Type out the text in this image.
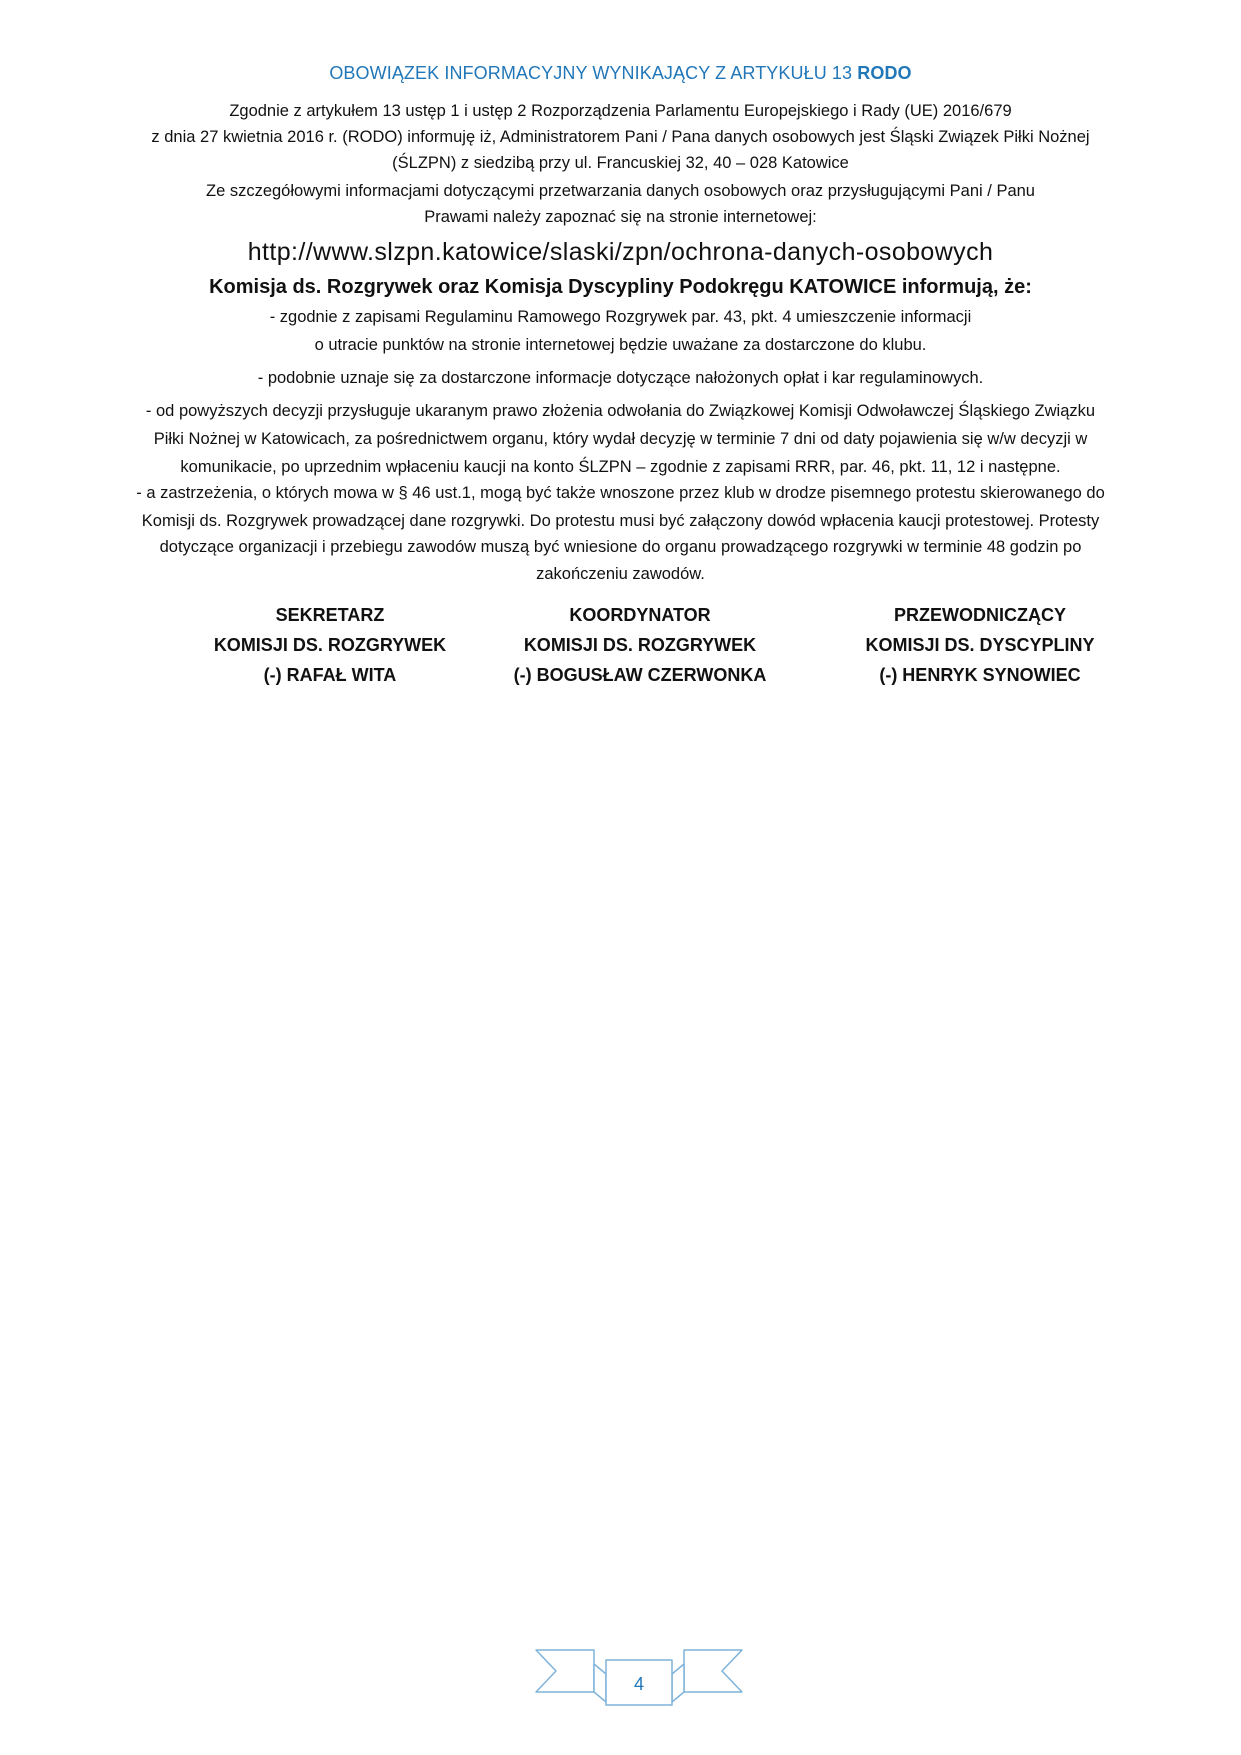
OBOWIĄZEK INFORMACYJNY WYNIKAJĄCY Z ARTYKUŁU 13 RODO
Zgodnie z artykułem 13 ustęp 1 i ustęp 2 Rozporządzenia Parlamentu Europejskiego i Rady (UE) 2016/679
z dnia 27 kwietnia 2016 r. (RODO) informuję iż, Administratorem Pani / Pana danych osobowych jest Śląski Związek Piłki Nożnej
(ŚLZPN) z siedzibą przy ul. Francuskiej 32, 40 – 028 Katowice
Ze szczegółowymi informacjami dotyczącymi przetwarzania danych osobowych oraz przysługującymi Pani / Panu
Prawami należy zapoznać się na stronie internetowej:
http://www.slzpn.katowice/slaski/zpn/ochrona-danych-osobowych
Komisja ds. Rozgrywek oraz Komisja Dyscypliny Podokręgu KATOWICE informują, że:
- zgodnie z zapisami Regulaminu Ramowego Rozgrywek par. 43, pkt. 4 umieszczenie informacji
o utracie punktów na stronie internetowej będzie uważane za dostarczone do klubu.
- podobnie uznaje się za dostarczone informacje dotyczące nałożonych opłat i kar regulaminowych.
- od powyższych decyzji przysługuje ukaranym prawo złożenia odwołania do Związkowej Komisji Odwoławczej Śląskiego Związku
Piłki Nożnej w Katowicach, za pośrednictwem organu, który wydał decyzję w terminie 7 dni od daty pojawienia się w/w decyzji w
komunikacie, po uprzednim wpłaceniu kaucji na konto ŚLZPN – zgodnie z zapisami RRR, par. 46, pkt. 11, 12 i następne.
- a zastrzeżenia, o których mowa w § 46 ust.1, mogą być także wnoszone przez klub w drodze pisemnego protestu skierowanego do
Komisji ds. Rozgrywek prowadzącej dane rozgrywki. Do protestu musi być załączony dowód wpłacenia kaucji protestowej. Protesty
dotyczące organizacji i przebiegu zawodów muszą być wniesione do organu prowadzącego rozgrywki w terminie 48 godzin po
zakończeniu zawodów.
SEKRETARZ
KOMISJI DS. ROZGRYWEK
(-) RAFAŁ WITA
KOORDYNATOR
KOMISJI DS. ROZGRYWEK
(-) BOGUSŁAW CZERWONKA
PRZEWODNICZĄCY
KOMISJI DS. DYSCYPLINY
(-) HENRYK SYNOWIEC
4
